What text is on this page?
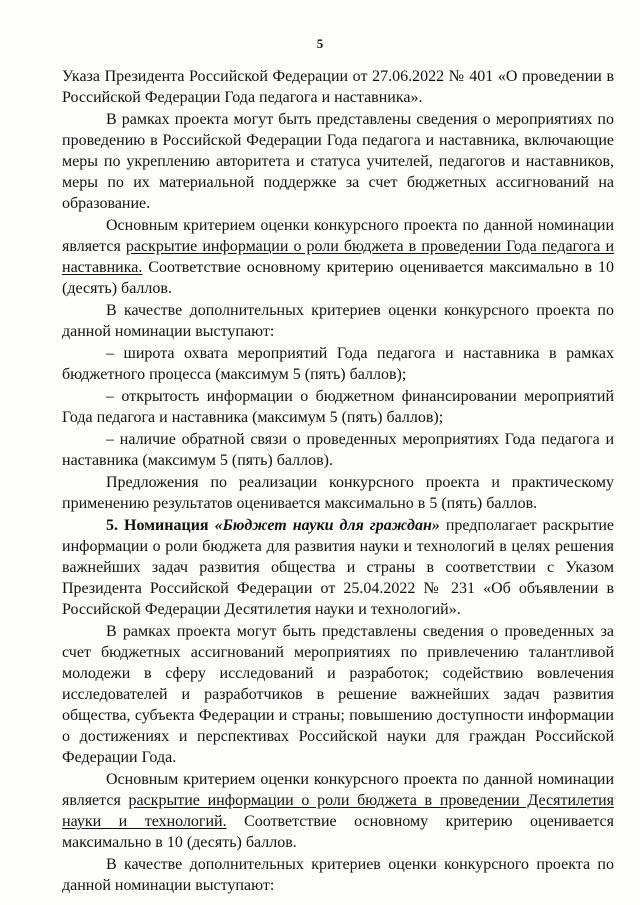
5

Указа Президента Российской Федерации от 27.06.2022 № 401 «О проведении в Российской Федерации Года педагога и наставника».

В рамках проекта могут быть представлены сведения о мероприятиях по проведению в Российской Федерации Года педагога и наставника, включающие меры по укреплению авторитета и статуса учителей, педагогов и наставников, меры по их материальной поддержке за счет бюджетных ассигнований на образование.

Основным критерием оценки конкурсного проекта по данной номинации является раскрытие информации о роли бюджета в проведении Года педагога и наставника. Соответствие основному критерию оценивается максимально в 10 (десять) баллов.

В качестве дополнительных критериев оценки конкурсного проекта по данной номинации выступают:

– широта охвата мероприятий Года педагога и наставника в рамках бюджетного процесса (максимум 5 (пять) баллов);

– открытость информации о бюджетном финансировании мероприятий Года педагога и наставника (максимум 5 (пять) баллов);

– наличие обратной связи о проведенных мероприятиях Года педагога и наставника (максимум 5 (пять) баллов).

Предложения по реализации конкурсного проекта и практическому применению результатов оценивается максимально в 5 (пять) баллов.

5. Номинация «Бюджет науки для граждан» предполагает раскрытие информации о роли бюджета для развития науки и технологий в целях решения важнейших задач развития общества и страны в соответствии с Указом Президента Российской Федерации от 25.04.2022 № 231 «Об объявлении в Российской Федерации Десятилетия науки и технологий».

В рамках проекта могут быть представлены сведения о проведенных за счет бюджетных ассигнований мероприятиях по привлечению талантливой молодежи в сферу исследований и разработок; содействию вовлечения исследователей и разработчиков в решение важнейших задач развития общества, субъекта Федерации и страны; повышению доступности информации о достижениях и перспективах Российской науки для граждан Российской Федерации Года.

Основным критерием оценки конкурсного проекта по данной номинации является раскрытие информации о роли бюджета в проведении Десятилетия науки и технологий. Соответствие основному критерию оценивается максимально в 10 (десять) баллов.

В качестве дополнительных критериев оценки конкурсного проекта по данной номинации выступают:
